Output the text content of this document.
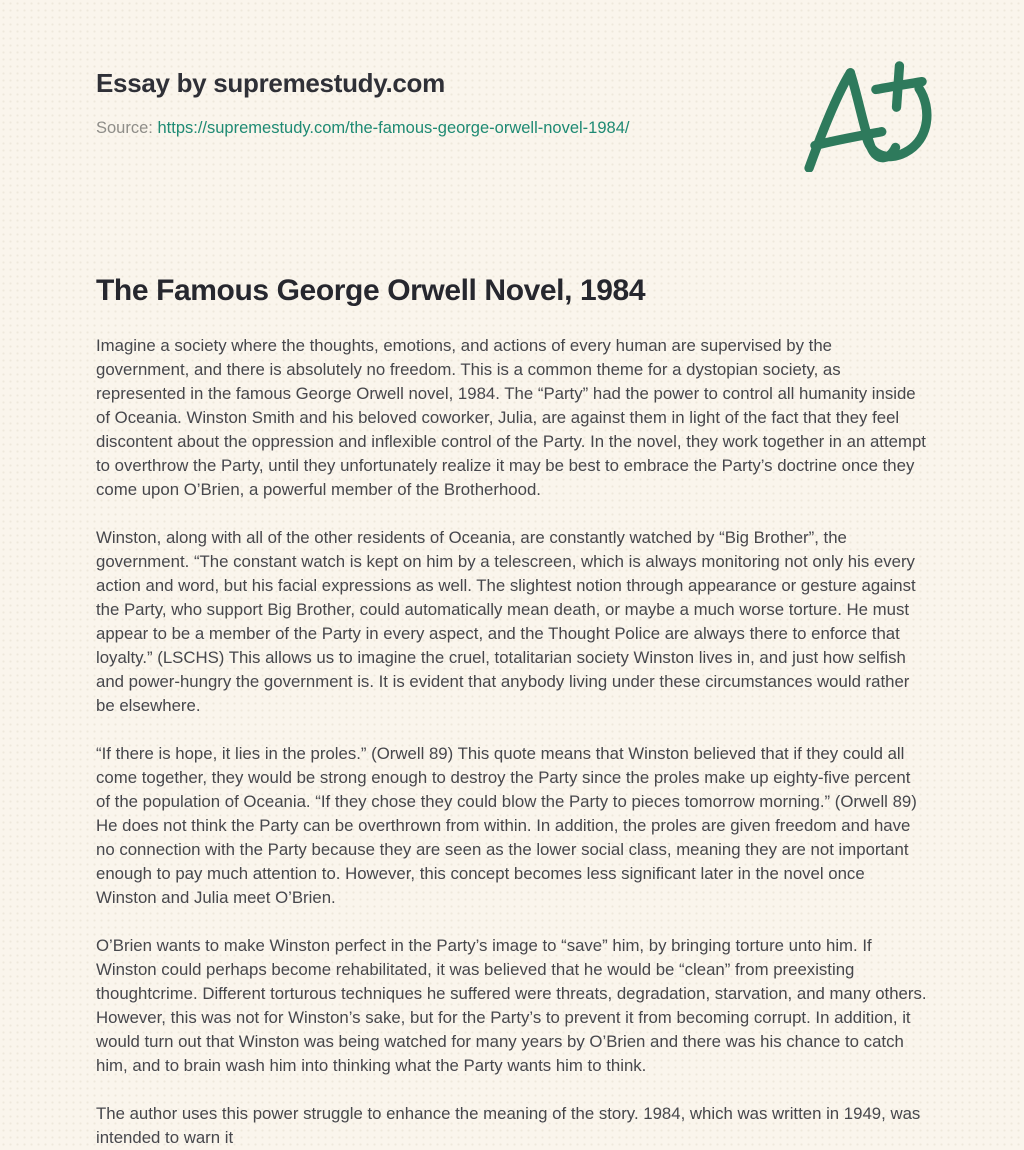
Essay by supremestudy.com
Source: https://supremestudy.com/the-famous-george-orwell-novel-1984/
The Famous George Orwell Novel, 1984

Imagine a society where the thoughts, emotions, and actions of every human are supervised by the government, and there is absolutely no freedom. This is a common theme for a dystopian society, as represented in the famous George Orwell novel, 1984. The “Party” had the power to control all humanity inside of Oceania. Winston Smith and his beloved coworker, Julia, are against them in light of the fact that they feel discontent about the oppression and inflexible control of the Party. In the novel, they work together in an attempt to overthrow the Party, until they unfortunately realize it may be best to embrace the Party’s doctrine once they come upon O’Brien, a powerful member of the Brotherhood.

Winston, along with all of the other residents of Oceania, are constantly watched by “Big Brother”, the government. “The constant watch is kept on him by a telescreen, which is always monitoring not only his every action and word, but his facial expressions as well. The slightest notion through appearance or gesture against the Party, who support Big Brother, could automatically mean death, or maybe a much worse torture. He must appear to be a member of the Party in every aspect, and the Thought Police are always there to enforce that loyalty.” (LSCHS) This allows us to imagine the cruel, totalitarian society Winston lives in, and just how selfish and power-hungry the government is. It is evident that anybody living under these circumstances would rather be elsewhere.

“If there is hope, it lies in the proles.” (Orwell 89) This quote means that Winston believed that if they could all come together, they would be strong enough to destroy the Party since the proles make up eighty-five percent of the population of Oceania. “If they chose they could blow the Party to pieces tomorrow morning.” (Orwell 89) He does not think the Party can be overthrown from within. In addition, the proles are given freedom and have no connection with the Party because they are seen as the lower social class, meaning they are not important enough to pay much attention to. However, this concept becomes less significant later in the novel once Winston and Julia meet O’Brien.

O’Brien wants to make Winston perfect in the Party’s image to “save” him, by bringing torture unto him. If Winston could perhaps become rehabilitated, it was believed that he would be “clean” from preexisting thoughtcrime. Different torturous techniques he suffered were threats, degradation, starvation, and many others. However, this was not for Winston’s sake, but for the Party’s to prevent it from becoming corrupt. In addition, it would turn out that Winston was being watched for many years by O’Brien and there was his chance to catch him, and to brain wash him into thinking what the Party wants him to think.

The author uses this power struggle to enhance the meaning of the story. 1984, which was written in 1949, was intended to warn it
